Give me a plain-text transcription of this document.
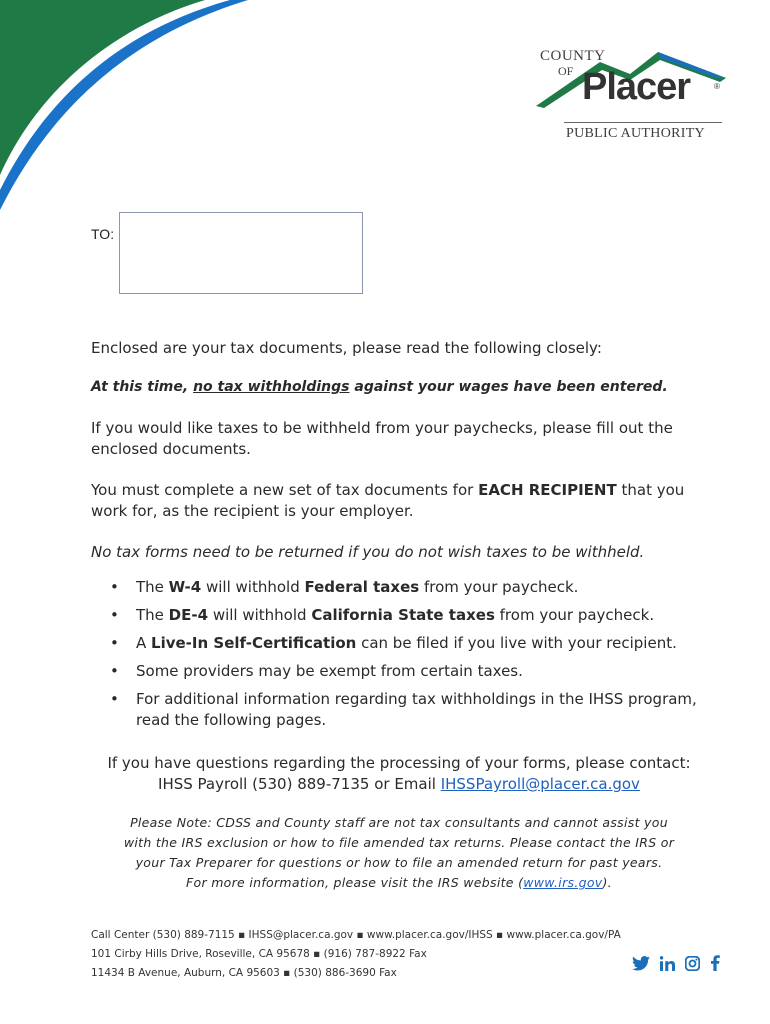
COUNTY
OF Placer	®
PUBLIC AUTHORITY
TO:

Enclosed are your tax documents, please read the following closely:

At this time, no tax withholdings against your wages have been entered.

If you would like taxes to be withheld from your paychecks, please fill out the enclosed documents.

You must complete a new set of tax documents for EACH RECIPIENT that you work for, as the recipient is your employer.

No tax forms need to be returned if you do not wish taxes to be withheld.

• The W-4 will withhold Federal taxes from your paycheck.
• The DE-4 will withhold California State taxes from your paycheck.
• A Live-In Self-Certification can be filed if you live with your recipient.
• Some providers may be exempt from certain taxes.
• For additional information regarding tax withholdings in the IHSS program, read the following pages.

If you have questions regarding the processing of your forms, please contact:
IHSS Payroll (530) 889-7135 or Email IHSSPayroll@placer.ca.gov

Please Note: CDSS and County staff are not tax consultants and cannot assist you
with the IRS exclusion or how to file amended tax returns. Please contact the IRS or
your Tax Preparer for questions or how to file an amended return for past years.
For more information, please visit the IRS website (www.irs.gov).

Call Center (530) 889-7115 ▪ IHSS@placer.ca.gov ▪ www.placer.ca.gov/IHSS ▪ www.placer.ca.gov/PA
101 Cirby Hills Drive, Roseville, CA 95678 ▪ (916) 787-8922 Fax
11434 B Avenue, Auburn, CA 95603 ▪ (530) 886-3690 Fax
